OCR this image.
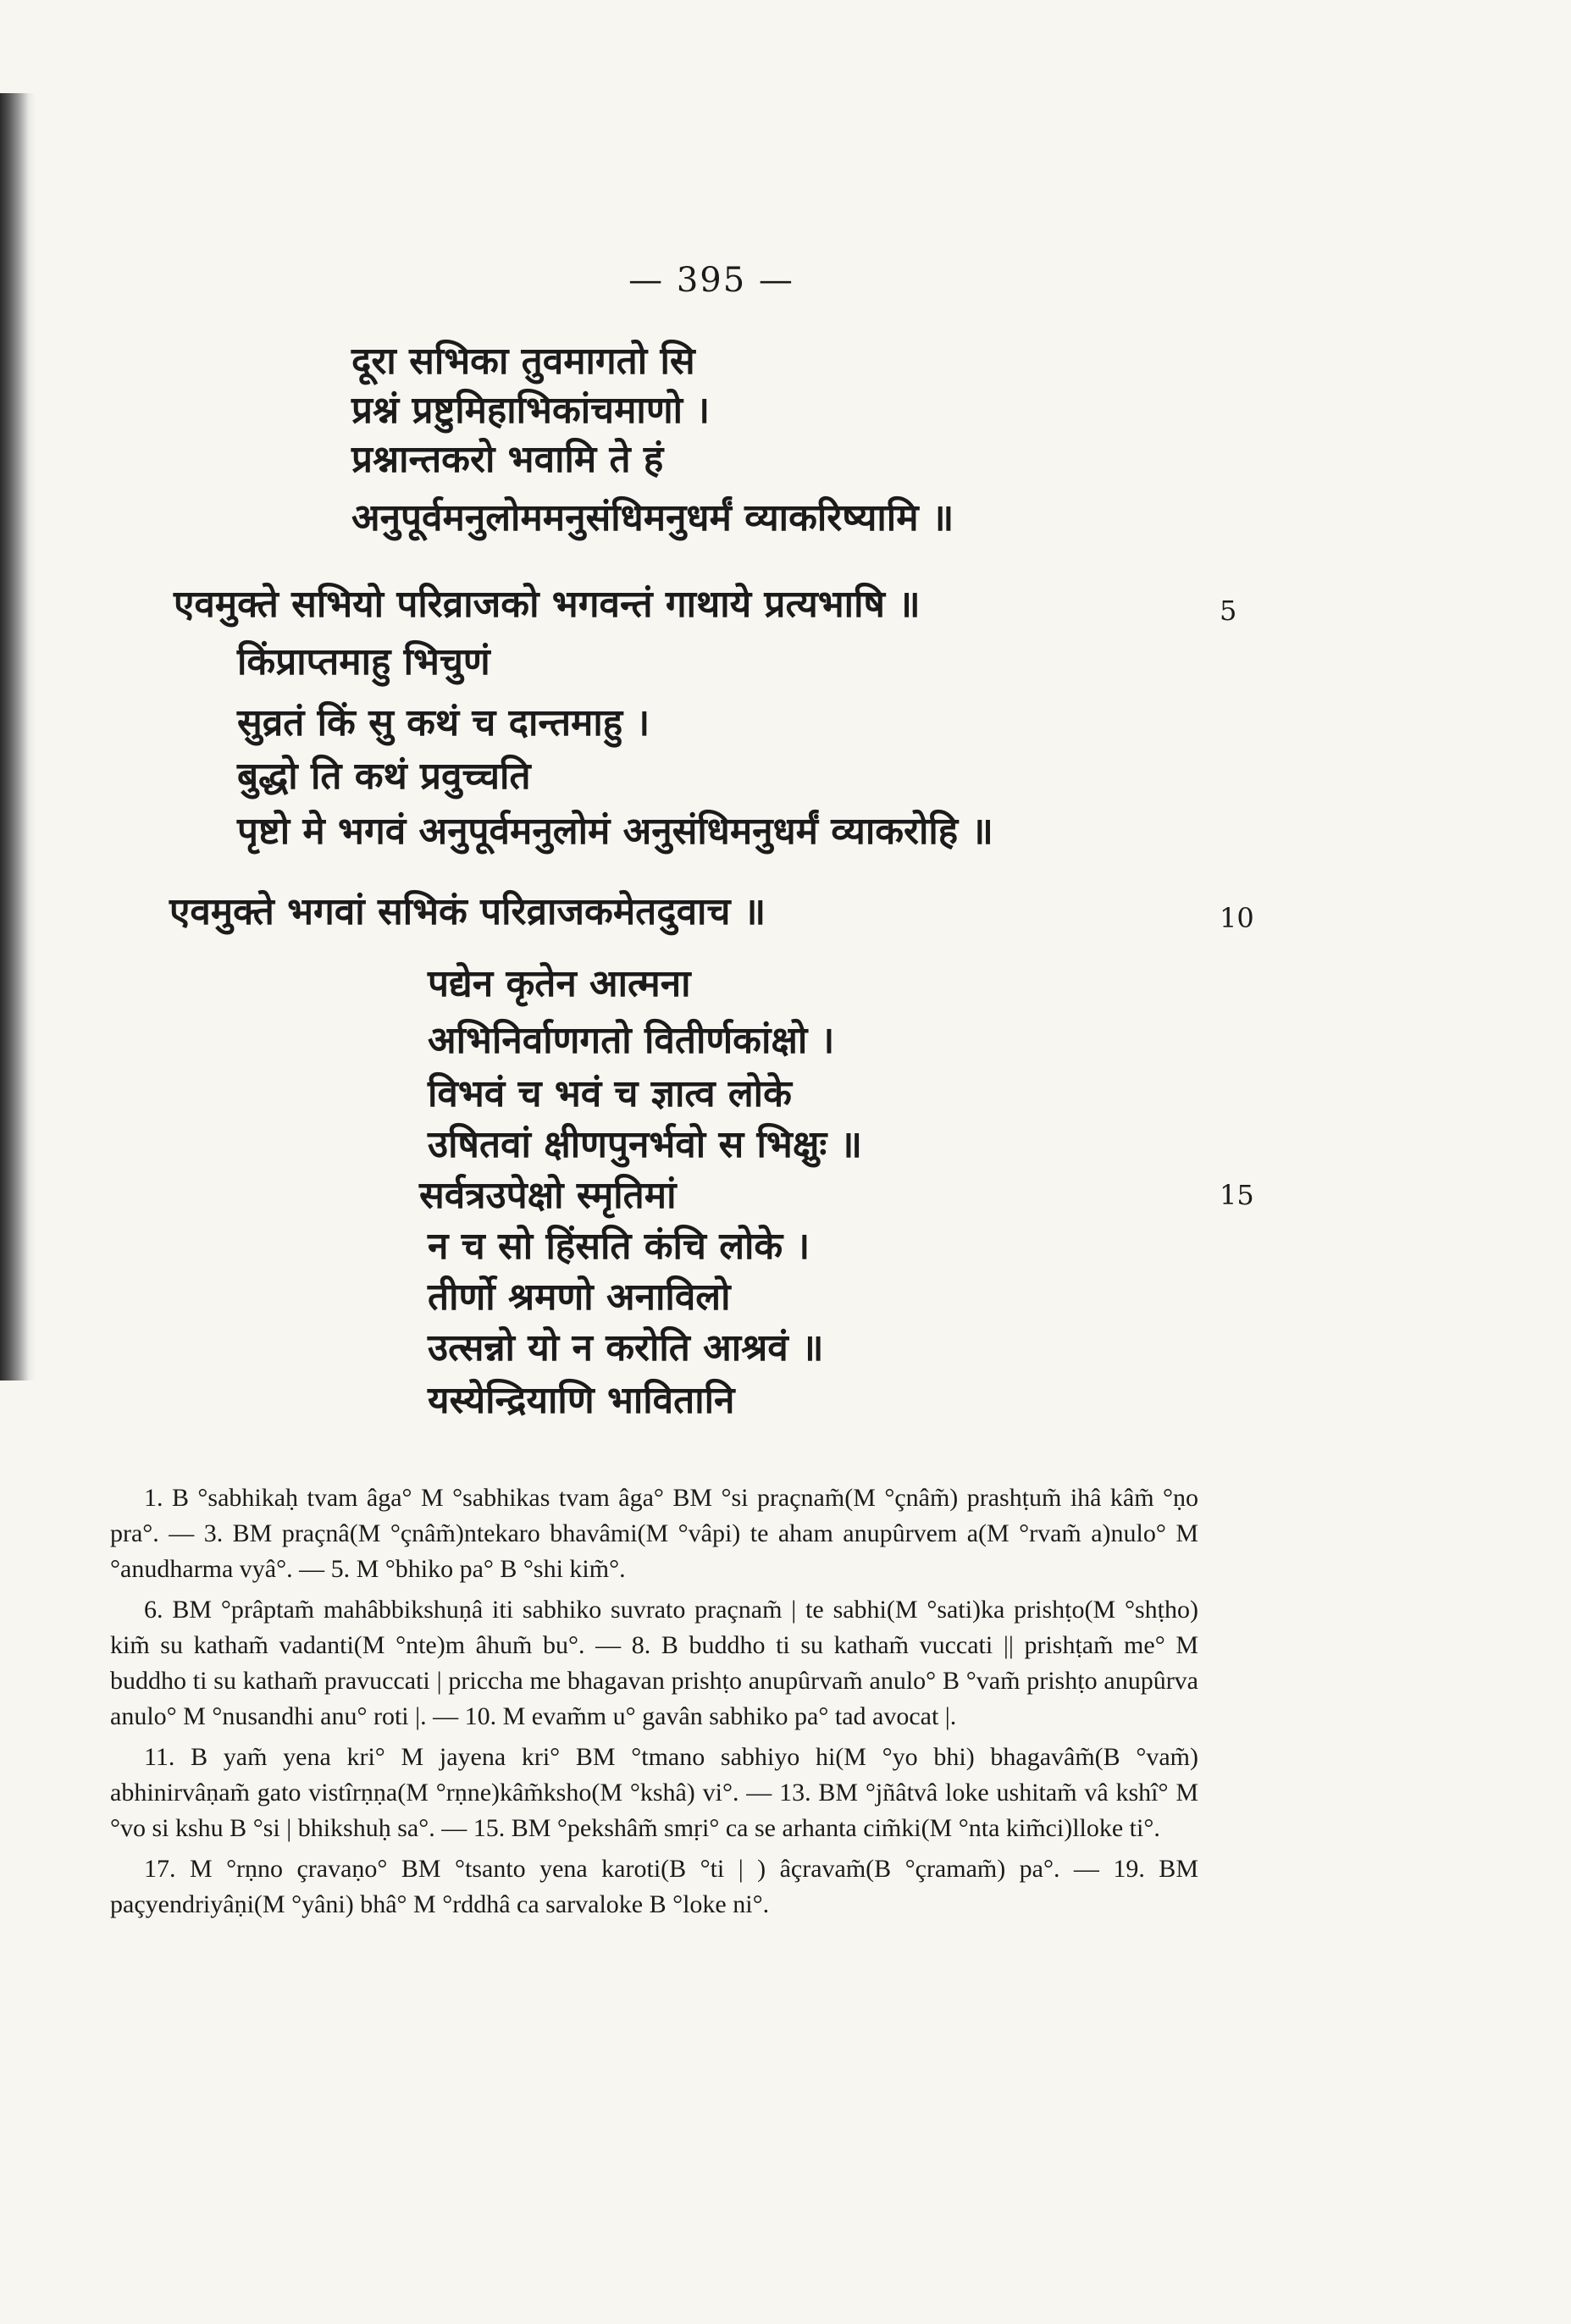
— 395 —
दूरा सभिका तुवमागतो सि
प्रश्नं प्रष्टुमिहाभिकांचमाणो ।
प्रश्नान्तकरो भवामि ते हं
अनुपूर्वमनुलोममनुसंधिमनुधर्मं व्याकरिष्यामि ॥
एवमुक्ते सभियो परिव्राजको भगवन्तं गाथाये प्रत्यभाषि ॥
किंप्राप्तमाहु भिचुणं
सुव्रतं किं सु कथं च दान्तमाहु ।
बुद्धो ति कथं प्रवुच्चति
पृष्टो मे भगवं अनुपूर्वमनुलोमं अनुसंधिमनुधर्मं व्याकरोहि ॥
एवमुक्ते भगवां सभिकं परिव्राजकमेतदुवाच ॥
पद्येन कृतेन आत्मना
अभिनिर्वाणगतो वितीर्णकांक्षो ।
विभवं च भवं च ज्ञात्व लोके
उषितवां क्षीणपुनर्भवो स भिक्षुः ॥
सर्वत्रउपेक्षो स्मृतिमां
न च सो हिंसति कंचि लोके ।
तीर्णो श्रमणो अनाविलो
उत्सन्नो यो न करोति आश्रवं ॥
यस्येन्द्रियाणि भावितानि
5
10
15

1. B °sabhikaḥ tvam âga° M °sabhikas tvam âga° BM °si praçnam̃(M °çnâm̃) prashṭum̃ ihâ kâm̃ °ṇo pra°. — 3. BM praçnâ(M °çnâm̃)ntekaro bhavâmi(M °vâpi) te aham anupûrvem a(M °rvam̃ a)nulo° M °anudharma vyâ°. — 5. M °bhiko pa° B °shi kim̃°.

6. BM °prâptam̃ mahâbbikshuṇâ iti sabhiko suvrato praçnam̃ | te sabhi(M °sati)ka prishṭo(M °shṭho) kim̃ su katham̃ vadanti(M °nte)m âhum̃ bu°. — 8. B buddho ti su katham̃ vuccati || prishṭam̃ me° M buddho ti su katham̃ pravuccati | priccha me bhagavan prishṭo anupûrvam̃ anulo° B °vam̃ prishṭo anupûrva anulo° M °nusandhi anu° roti |. — 10. M evam̃m u° gavân sabhiko pa° tad avocat |.

11. B yam̃ yena kri° M jayena kri° BM °tmano sabhiyo hi(M °yo bhi) bhagavâm̃(B °vam̃) abhinirvâṇam̃ gato vistîrṇṇa(M °rṇne)kâm̃ksho(M °kshâ) vi°. — 13. BM °jñâtvâ loke ushitam̃ vâ kshî° M °vo si kshu B °si | bhikshuḥ sa°. — 15. BM °pekshâm̃ smṛi° ca se arhanta cim̃ki(M °nta kim̃ci)lloke ti°.

17. M °rṇno çravaṇo° BM °tsanto yena karoti(B °ti | ) âçravam̃(B °çramam̃) pa°. — 19. BM paçyendriyâṇi(M °yâni) bhâ° M °rddhâ ca sarvaloke B °loke ni°.
